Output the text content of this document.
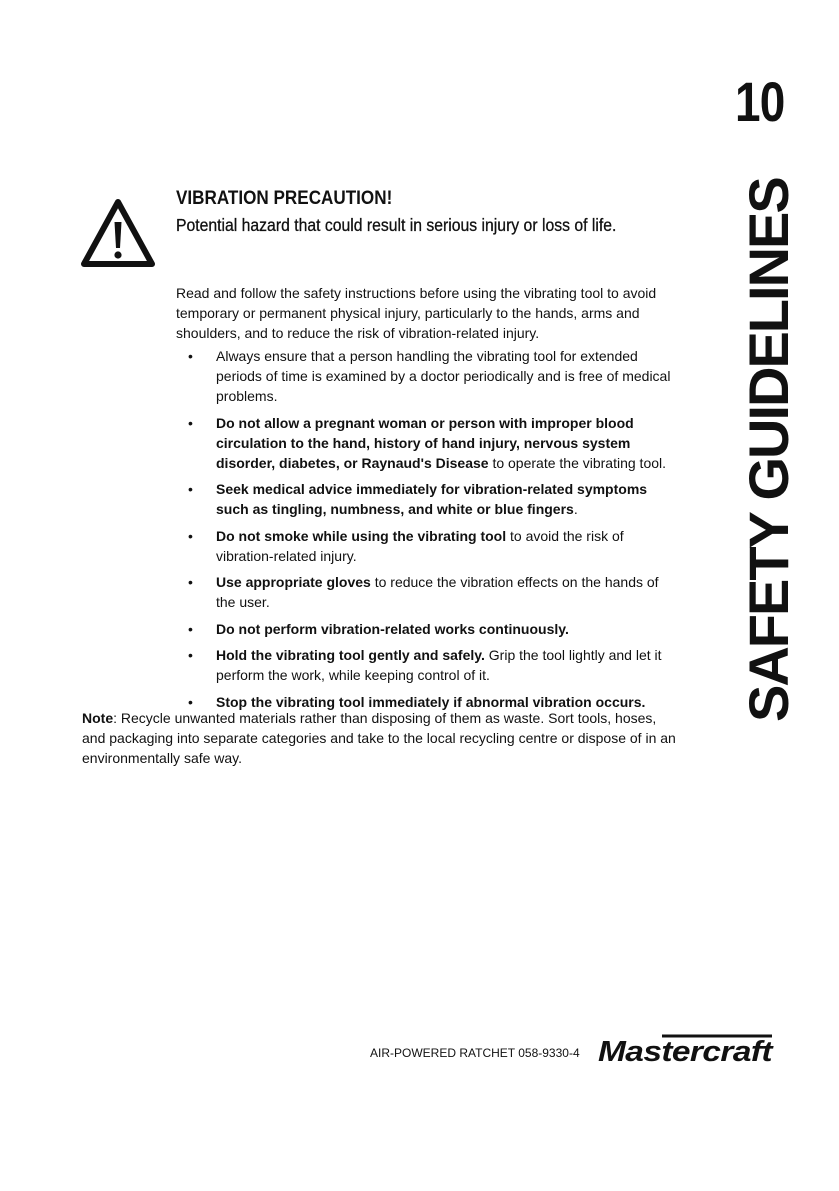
10
SAFETY GUIDELINES

VIBRATION PRECAUTION!

Potential hazard that could result in serious injury or loss of life.

Read and follow the safety instructions before using the vibrating tool to avoid temporary or permanent physical injury, particularly to the hands, arms and shoulders, and to reduce the risk of vibration-related injury.

• Always ensure that a person handling the vibrating tool for extended periods of time is examined by a doctor periodically and is free of medical problems.
• Do not allow a pregnant woman or person with improper blood circulation to the hand, history of hand injury, nervous system disorder, diabetes, or Raynaud's Disease to operate the vibrating tool.
• Seek medical advice immediately for vibration-related symptoms such as tingling, numbness, and white or blue fingers.
• Do not smoke while using the vibrating tool to avoid the risk of vibration-related injury.
• Use appropriate gloves to reduce the vibration effects on the hands of the user.
• Do not perform vibration-related works continuously.
• Hold the vibrating tool gently and safely. Grip the tool lightly and let it perform the work, while keeping control of it.
• Stop the vibrating tool immediately if abnormal vibration occurs.
Note: Recycle unwanted materials rather than disposing of them as waste. Sort tools, hoses, and packaging into separate categories and take to the local recycling centre or dispose of in an environmentally safe way.
AIR-POWERED RATCHET 058-9330-4 Mastercraft
